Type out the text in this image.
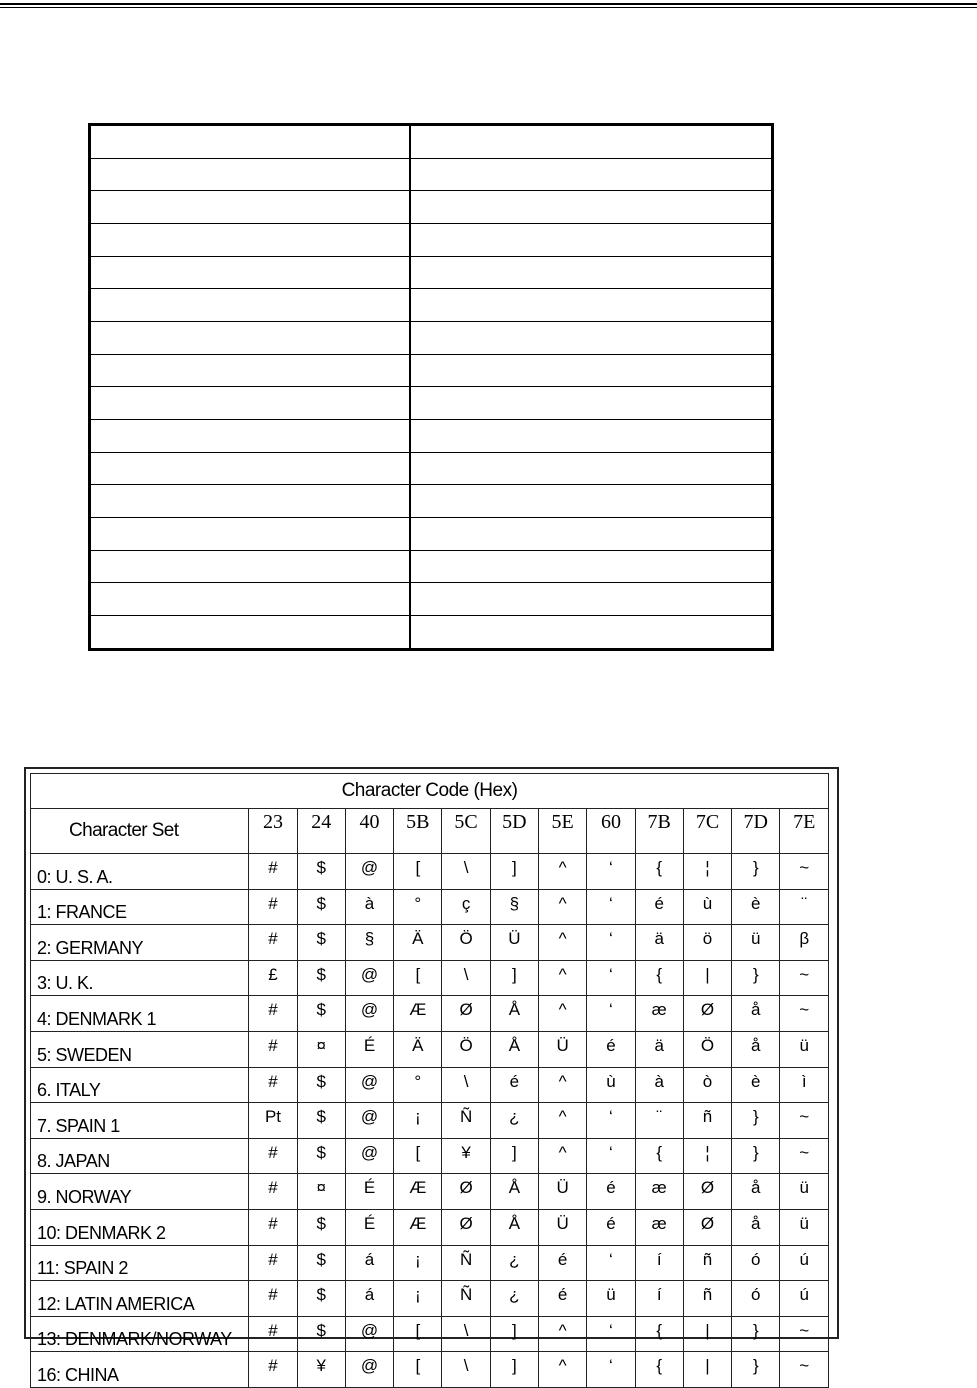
Character Code (Hex)												
Character Set	23	24	40	5B	5C	5D	5E	60	7B	7C	7D	7E
0: U. S. A.	#	$	@	[	\	]	^	‘	{	¦	}	~
1: FRANCE	#	$	à	°	ç	§	^	‘	é	ù	è	¨
2: GERMANY	#	$	§	Ä	Ö	Ü	^	‘	ä	ö	ü	β
3: U. K.	£	$	@	[	\	]	^	‘	{	|	}	~
4: DENMARK 1	#	$	@	Æ	Ø	Å	^	‘	æ	Ø	å	~
5: SWEDEN	#	¤	É	Ä	Ö	Å	Ü	é	ä	Ö	å	ü
6. ITALY	#	$	@	°	\	é	^	ù	à	ò	è	ì
7. SPAIN 1	Pt	$	@	¡	Ñ	¿	^	‘	¨	ñ	}	~
8. JAPAN	#	$	@	[	¥	]	^	‘	{	¦	}	~
9. NORWAY	#	¤	É	Æ	Ø	Å	Ü	é	æ	Ø	å	ü
10: DENMARK 2	#	$	É	Æ	Ø	Å	Ü	é	æ	Ø	å	ü
11: SPAIN 2	#	$	á	¡	Ñ	¿	é	‘	í	ñ	ó	ú
12: LATIN AMERICA	#	$	á	¡	Ñ	¿	é	ü	í	ñ	ó	ú
13: DENMARK/NORWAY	#	$	@	[	\	]	^	‘	{	|	}	~
16: CHINA	#	¥	@	[	\	]	^	‘	{	|	}	~
